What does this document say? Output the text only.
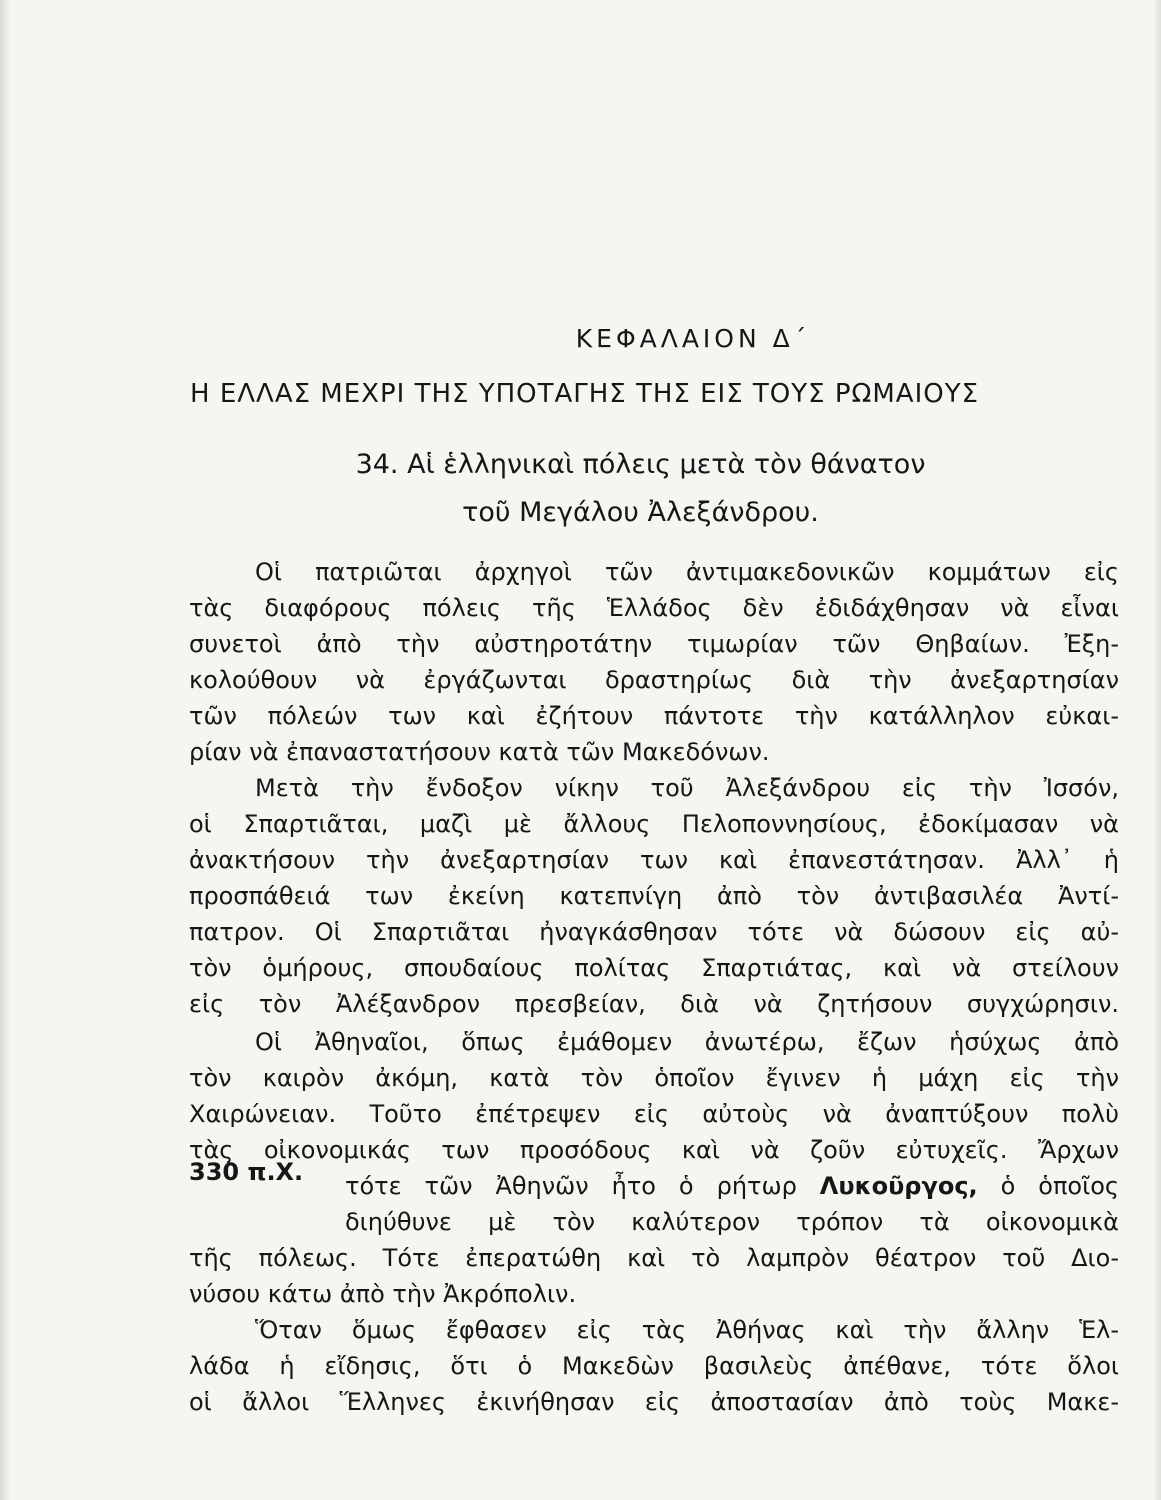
ΚΕΦΑΛΑΙΟΝ Δ΄
Η ΕΛΛΑΣ ΜΕΧΡΙ ΤΗΣ ΥΠΟΤΑΓΗΣ ΤΗΣ ΕΙΣ ΤΟΥΣ ΡΩΜΑΙΟΥΣ
34. Αἱ ἑλληνικαὶ πόλεις μετὰ τὸν θάνατον
τοῦ Μεγάλου Ἀλεξάνδρου.
Οἱ πατριῶται ἀρχηγοὶ τῶν ἀντιμακεδονικῶν κομμάτων εἰς
τὰς διαφόρους πόλεις τῆς Ἑλλάδος δὲν ἐδιδάχθησαν νὰ εἶναι
συνετοὶ ἀπὸ τὴν αὐστηροτάτην τιμωρίαν τῶν Θηβαίων. Ἐξη-
κολούθουν νὰ ἐργάζωνται δραστηρίως διὰ τὴν ἀνεξαρτησίαν
τῶν πόλεών των καὶ ἐζήτουν πάντοτε τὴν κατάλληλον εὐκαι-
ρίαν νὰ ἐπαναστατήσουν κατὰ τῶν Μακεδόνων.
Μετὰ τὴν ἔνδοξον νίκην τοῦ Ἀλεξάνδρου εἰς τὴν Ἰσσόν,
οἱ Σπαρτιᾶται, μαζὶ μὲ ἄλλους Πελοποννησίους, ἐδοκίμασαν νὰ
ἀνακτήσουν τὴν ἀνεξαρτησίαν των καὶ ἐπανεστάτησαν. Ἀλλ᾽ ἡ
προσπάθειά των ἐκείνη κατεπνίγη ἀπὸ τὸν ἀντιβασιλέα Ἀντί-
πατρον. Οἱ Σπαρτιᾶται ἠναγκάσθησαν τότε νὰ δώσουν εἰς αὐ-
τὸν ὁμήρους, σπουδαίους πολίτας Σπαρτιάτας, καὶ νὰ στείλουν
εἰς τὸν Ἀλέξανδρον πρεσβείαν, διὰ νὰ ζητήσουν συγχώρησιν.
Οἱ Ἀθηναῖοι, ὅπως ἐμάθομεν ἀνωτέρω, ἔζων ἡσύχως ἀπὸ
τὸν καιρὸν ἀκόμη, κατὰ τὸν ὁποῖον ἔγινεν ἡ μάχη εἰς τὴν
Χαιρώνειαν. Τοῦτο ἐπέτρεψεν εἰς αὐτοὺς νὰ ἀναπτύξουν πολὺ
τὰς οἰκονομικάς των προσόδους καὶ νὰ ζοῦν εὐτυχεῖς. Ἄρχων
330 π.Χ. τότε τῶν Ἀθηνῶν ἦτο ὁ ρήτωρ Λυκοῦργος, ὁ ὁποῖος
διηύθυνε μὲ τὸν καλύτερον τρόπον τὰ οἰκονομικὰ
τῆς πόλεως. Τότε ἐπερατώθη καὶ τὸ λαμπρὸν θέατρον τοῦ Διο-
νύσου κάτω ἀπὸ τὴν Ἀκρόπολιν.
Ὅταν ὅμως ἔφθασεν εἰς τὰς Ἀθήνας καὶ τὴν ἄλλην Ἑλ-
λάδα ἡ εἴδησις, ὅτι ὁ Μακεδὼν βασιλεὺς ἀπέθανε, τότε ὅλοι
οἱ ἄλλοι Ἕλληνες ἐκινήθησαν εἰς ἀποστασίαν ἀπὸ τοὺς Μακε-
